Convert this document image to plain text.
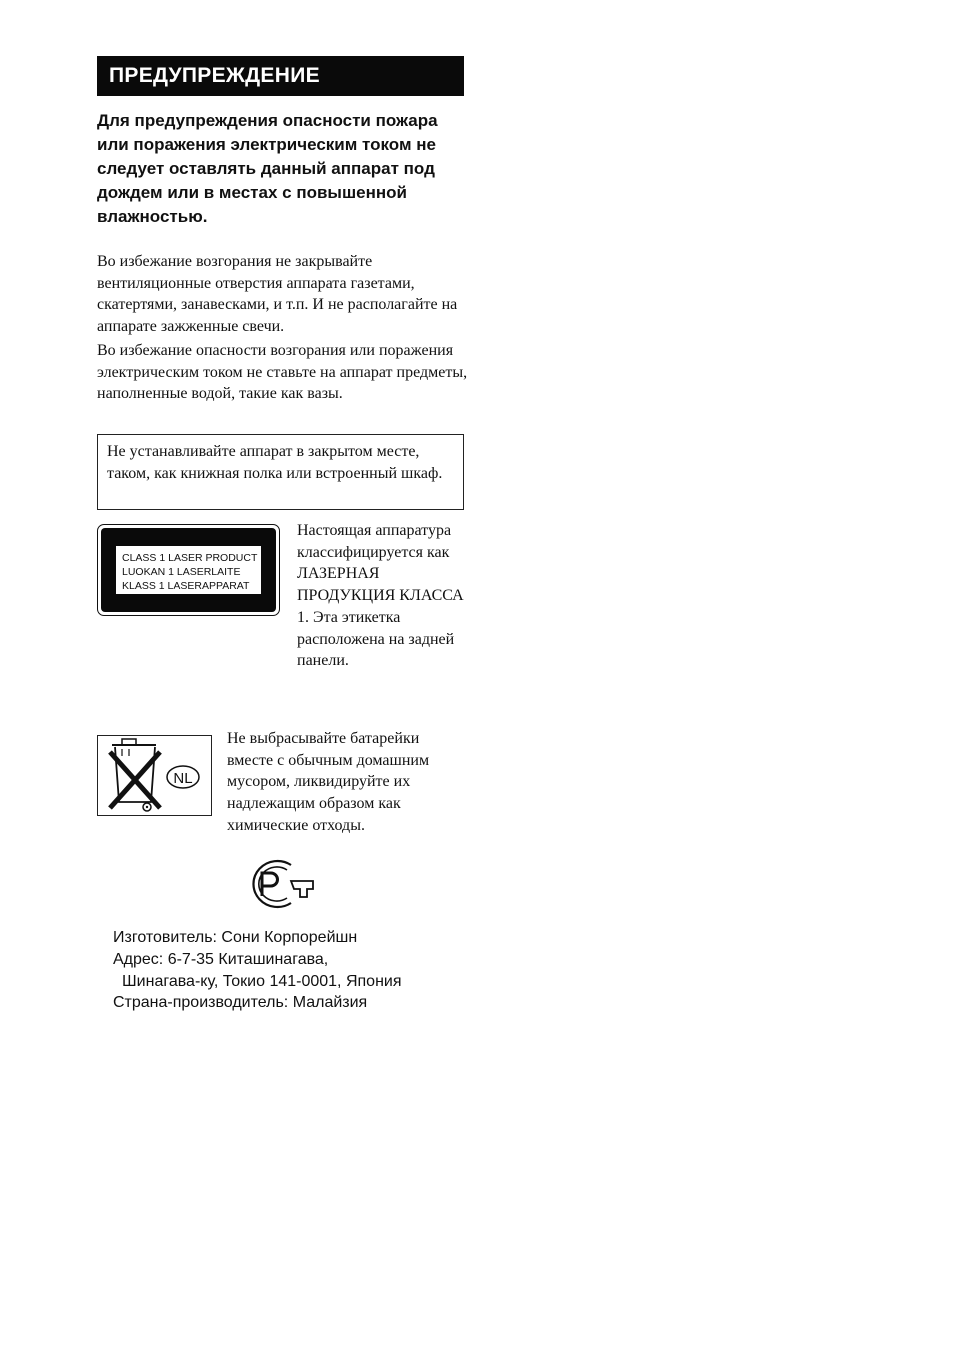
ПРЕДУПРЕЖДЕНИЕ

Для предупреждения опасности пожара или поражения электрическим током не следует оставлять данный аппарат под дождем или в местах с повышенной влажностью.

Во избежание возгорания не закрывайте вентиляционные отверстия аппарата газетами, скатертями, занавесками, и т.п. И не располагайте на аппарате зажженные свечи.

Во избежание опасности возгорания или поражения электрическим током не ставьте на аппарат предметы, наполненные водой, такие как вазы.

Не устанавливайте аппарат в закрытом месте, таком, как книжная полка или встроенный шкаф.
CLASS 1 LASER PRODUCT
LUOKAN 1 LASERLAITE
KLASS 1 LASERAPPARAT

Настоящая аппаратура классифицируется как ЛАЗЕРНАЯ ПРОДУКЦИЯ КЛАССА 1. Эта этикетка расположена на задней панели.

NL

Не выбрасывайте батарейки вместе с обычным домашним мусором, ликвидируйте их надлежащим образом как химические отходы.

Изготовитель: Сони Корпорейшн
Адрес: 6-7-35 Киташинагава,
Шинагава-ку, Токио 141-0001, Япония
Страна-производитель: Малайзия
